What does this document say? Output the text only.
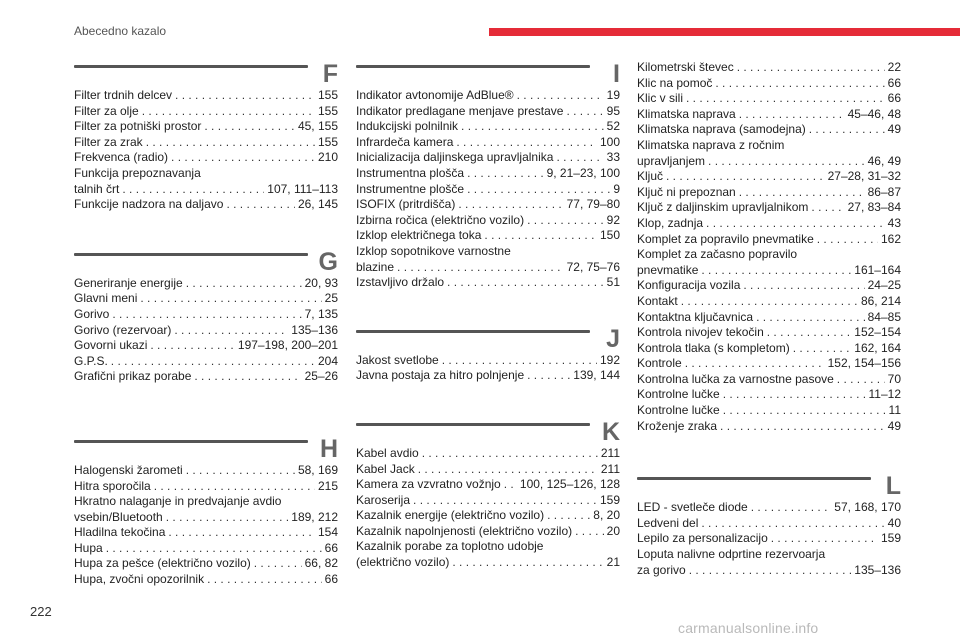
Abecedno kazalo
F
Filter trdnih delcev . . .	155
Filter za olje . . .	155
Filter za potniški prostor . . .	45, 155
Filter za zrak . . .	155
Frekvenca (radio) . . .	210
Funkcija prepoznavanja
talnih črt . . .	107, 111–113
Funkcije nadzora na daljavo . . .	26, 145
G
Generiranje energije . . .	20, 93
Glavni meni . . .	25
Gorivo . . .	7, 135
Gorivo (rezervoar) . . .	135–136
Govorni ukazi . . .	197–198, 200–201
G.P.S. . . .	204
Grafični prikaz porabe . . .	25–26
H
Halogenski žarometi . . .	58, 169
Hitra sporočila . . .	215
Hkratno nalaganje in predvajanje avdio
vsebin/Bluetooth . . .	189, 212
Hladilna tekočina . . .	154
Hupa . . .	66
Hupa za pešce (električno vozilo) . . .	66, 82
Hupa, zvočni opozorilnik . . .	66
I
Indikator avtonomije AdBlue® . . .	19
Indikator predlagane menjave prestave . . .	95
Indukcijski polnilnik . . .	52
Infrardeča kamera . . .	100
Inicializacija daljinskega upravljalnika . . .	33
Instrumentna plošča . . .	9, 21–23, 100
Instrumentne plošče . . .	9
ISOFIX (pritrdišča) . . .	77, 79–80
Izbirna ročica (električno vozilo) . . .	92
Izklop električnega toka . . .	150
Izklop sopotnikove varnostne
blazine . . .	72, 75–76
Izstavljivo držalo . . .	51
J
Jakost svetlobe . . .	192
Javna postaja za hitro polnjenje . . .	139, 144
K
Kabel avdio . . .	211
Kabel Jack . . .	211
Kamera za vzvratno vožnjo . . . 100, 125–126, 128
Karoserija . . .	159
Kazalnik energije (električno vozilo) . . .	8, 20
Kazalnik napolnjenosti (električno vozilo) . . .	20
Kazalnik porabe za toplotno udobje
(električno vozilo) . . .	21
Kilometrski števec . . .	22
Klic na pomoč . . .	66
Klic v sili . . .	66
Klimatska naprava . . .	45–46, 48
Klimatska naprava (samodejna) . . .	49
Klimatska naprava z ročnim
upravljanjem . . .	46, 49
Ključ . . .	27–28, 31–32
Ključ ni prepoznan . . .	86–87
Ključ z daljinskim upravljalnikom . . .	27, 83–84
Klop, zadnja . . .	43
Komplet za popravilo pnevmatike . . .	162
Komplet za začasno popravilo
pnevmatike . . .	161–164
Konfiguracija vozila . . .	24–25
Kontakt . . .	86, 214
Kontaktna ključavnica . . .	84–85
Kontrola nivojev tekočin . . .	152–154
Kontrola tlaka (s kompletom) . . .	162, 164
Kontrole . . .	152, 154–156
Kontrolna lučka za varnostne pasove . . .	70
Kontrolne lučke . . .	11–12
Kontrolne lučke . . .	11
Kroženje zraka . . .	49
L
LED - svetleče diode . . .	57, 168, 170
Ledveni del . . .	40
Lepilo za personalizacijo . . .	159
Loputa nalivne odprtine rezervoarja
za gorivo . . .	135–136
222
carmanualsonline.info
